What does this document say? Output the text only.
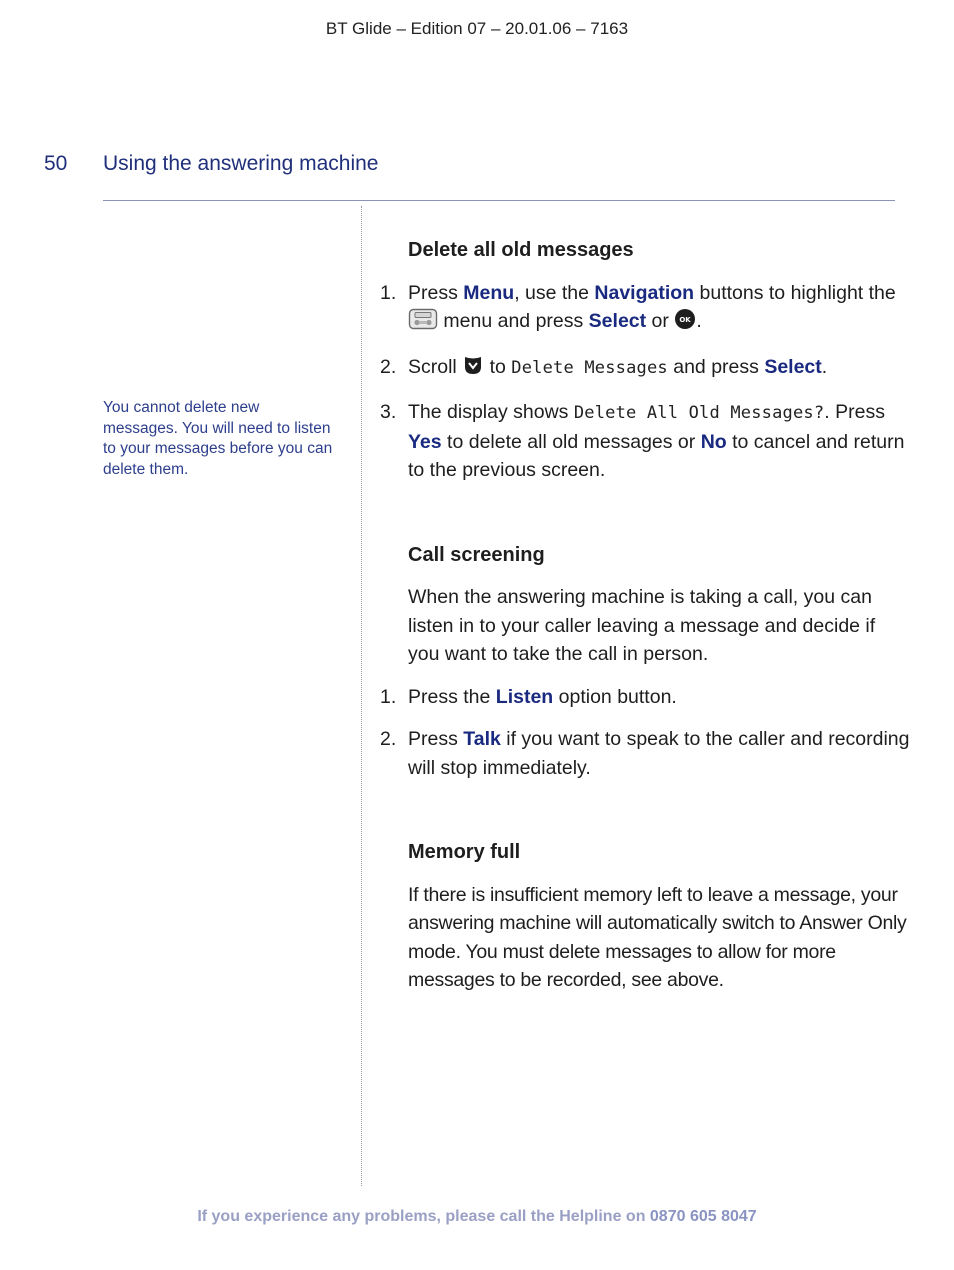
BT Glide – Edition 07 – 20.01.06 – 7163
50 Using the answering machine
You cannot delete new messages. You will need to listen to your messages before you can delete them.
Delete all old messages
1. Press Menu, use the Navigation buttons to highlight the  menu and press Select or OK .

2. Scroll  to Delete Messages and press Select.

3. The display shows Delete All Old Messages?. Press Yes to delete all old messages or No to cancel and return to the previous screen.

Call screening

When the answering machine is taking a call, you can listen in to your caller leaving a message and decide if you want to take the call in person.

1. Press the Listen option button.

2. Press Talk if you want to speak to the caller and recording will stop immediately.

Memory full

If there is insufficient memory left to leave a message, your answering machine will automatically switch to Answer Only mode. You must delete messages to allow for more messages to be recorded, see above.

If you experience any problems, please call the Helpline on 0870 605 8047
